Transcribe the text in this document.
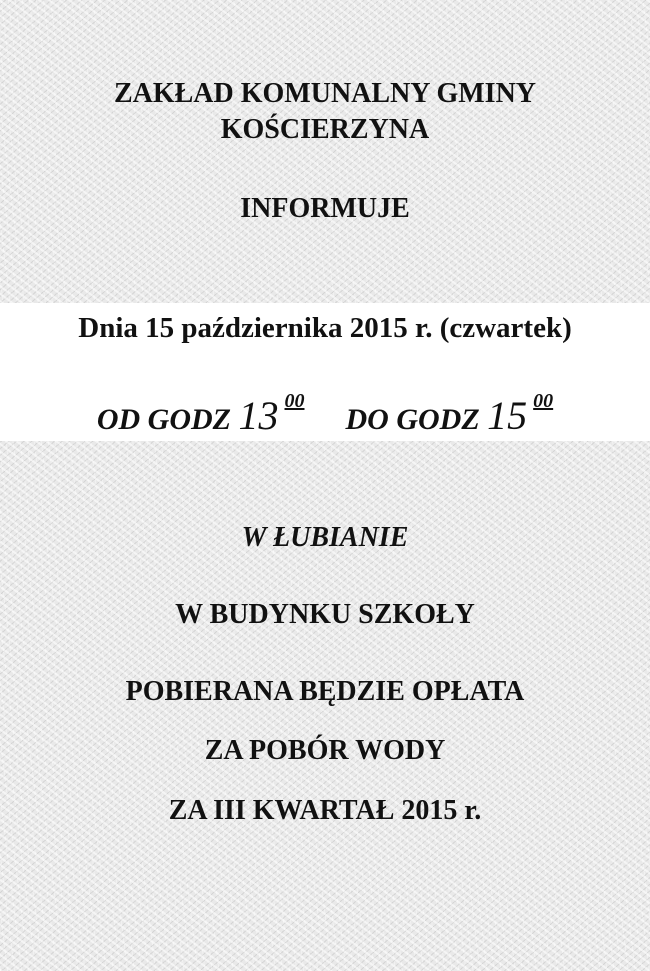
ZAKŁAD KOMUNALNY GMINY
KOŚCIERZYNA
INFORMUJE
Dnia 15 października 2015 r. (czwartek)
OD GODZ 13 $^{00}$  DO GODZ 15 $^{00}$
W ŁUBIANIE
W BUDYNKU SZKOŁY
POBIERANA BĘDZIE OPŁATA
ZA POBÓR WODY
ZA III KWARTAŁ 2015 r.
